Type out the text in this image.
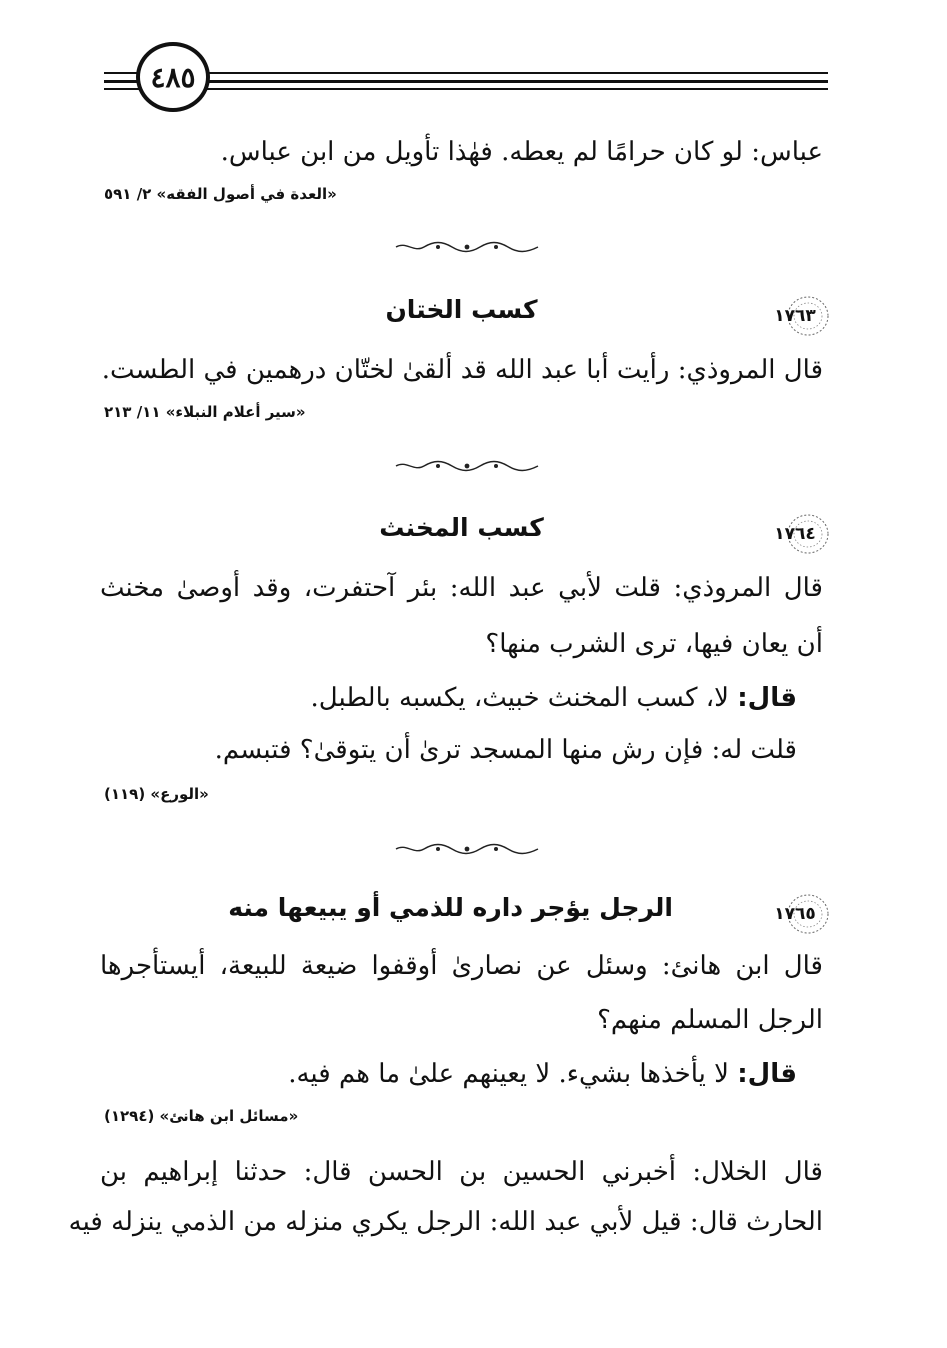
٤٨٥
عباس: لو كان حرامًا لم يعطه. فهٰذا تأويل من ابن عباس.
«العدة في أصول الفقه» ٢/ ٥٩١
١٧٦٣
كسب الختان
قال المروذي: رأيت أبا عبد الله قد ألقىٰ لختّان درهمين في الطست.
«سير أعلام النبلاء» ١١/ ٢١٣
١٧٦٤
كسب المخنث
قال المروذي: قلت لأبي عبد الله: بئر آحتفرت، وقد أوصىٰ مخنث
أن يعان فيها، ترى الشرب منها؟
قال: لا، كسب المخنث خبيث، يكسبه بالطبل.
قلت له: فإن رش منها المسجد ترىٰ أن يتوقىٰ؟ فتبسم.
«الورع» (١١٩)
١٧٦٥
الرجل يؤجر داره للذمي أو يبيعها منه
قال ابن هانئ: وسئل عن نصارىٰ أوقفوا ضيعة للبيعة، أيستأجرها
الرجل المسلم منهم؟
قال: لا يأخذها بشيء. لا يعينهم علىٰ ما هم فيه.
«مسائل ابن هانئ» (١٢٩٤)
قال الخلال: أخبرني الحسين بن الحسن قال: حدثنا إبراهيم بن
الحارث قال: قيل لأبي عبد الله: الرجل يكري منزله من الذمي ينزله فيه
